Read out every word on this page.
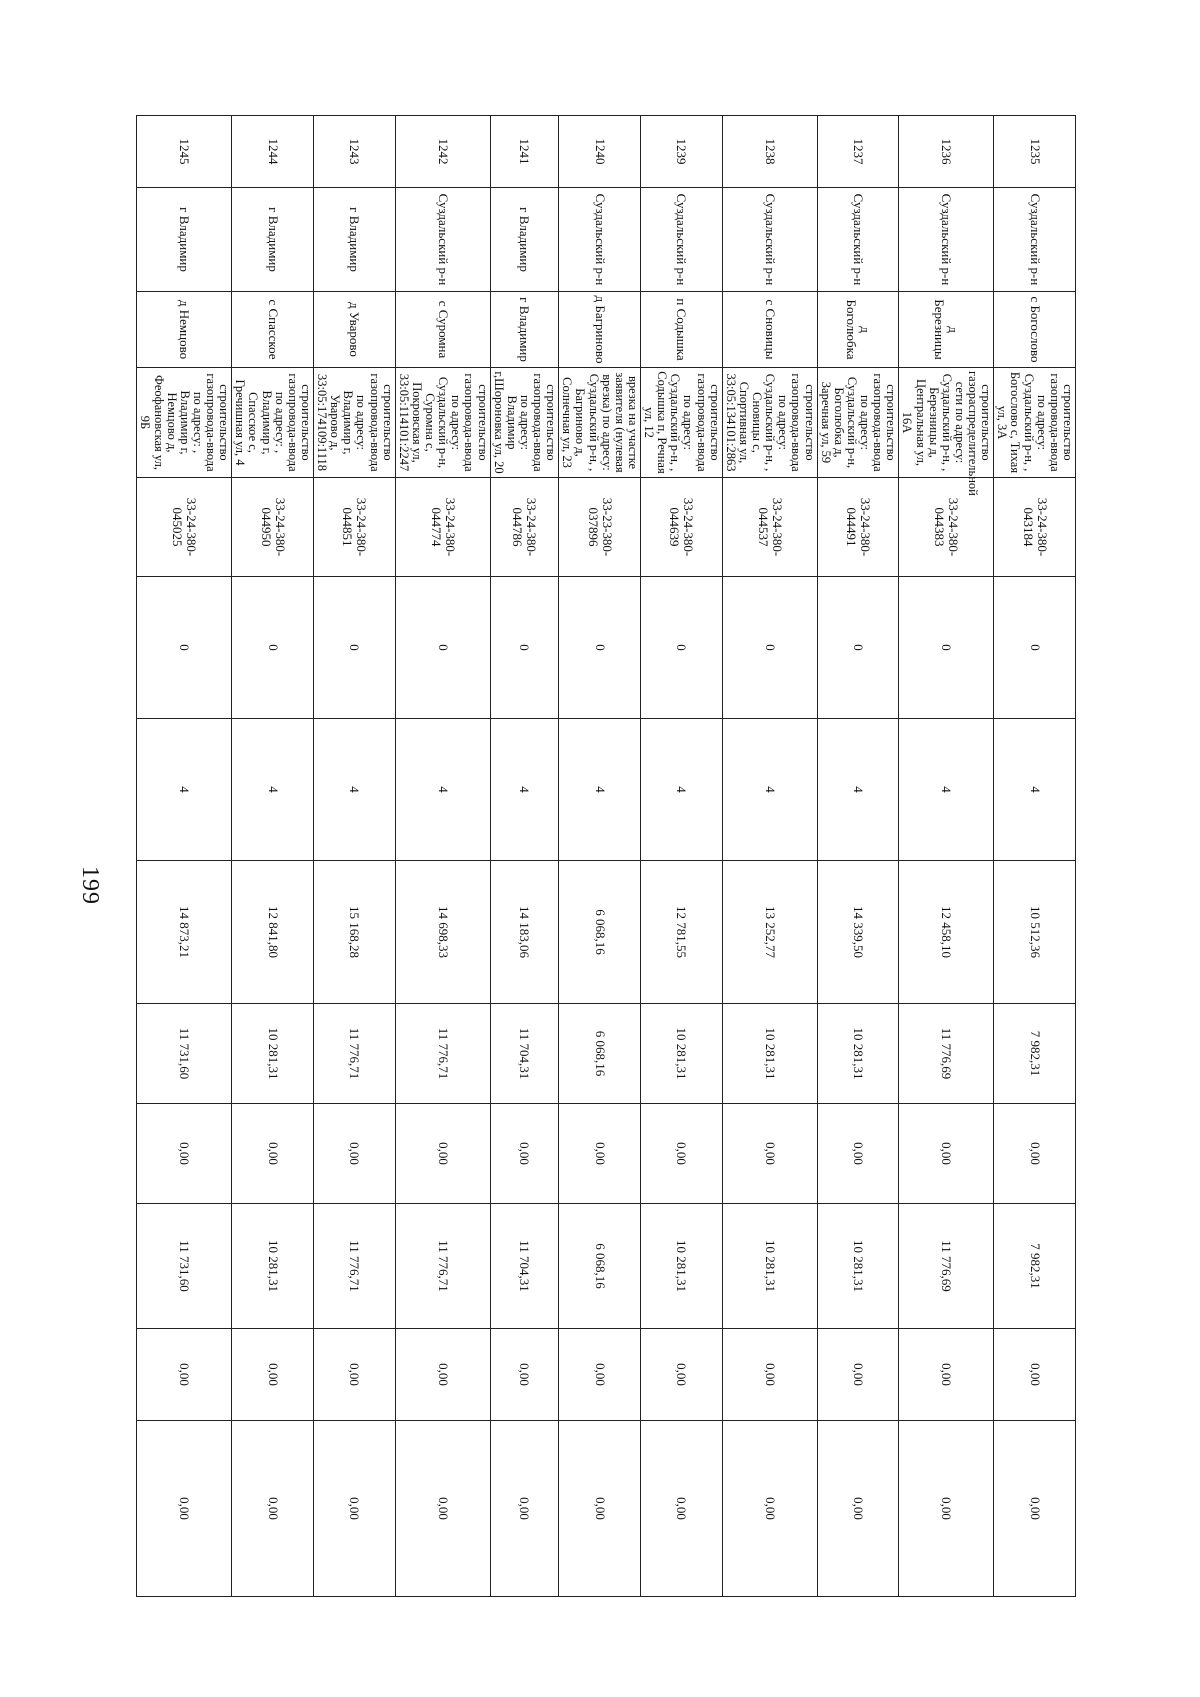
199
1235	Суздальский р-н	с Богослово	строительство газопровода-ввода по адресу: Суздальский р-н, , Богослово с, Тихая ул, 3А	33-24-380-043184	0	4	10 512,36	7 982,31	0,00	7 982,31	0,00	0,00
1236	Суздальский р-н	д Березницы	строительство газораспределительной сети по адресу: Суздальский р-н, , Березницы д, Центральная ул, 16А	33-24-380-044383	0	4	12 458,10	11 776,69	0,00	11 776,69	0,00	0,00
1237	Суздальский р-н	д Боголюбка	строительство газопровода-ввода по адресу: Суздальский р-н, Боголюбка д, Заречная ул, 59	33-24-380-044491	0	4	14 339,50	10 281,31	0,00	10 281,31	0,00	0,00
1238	Суздальский р-н	с Сновицы	строительство газопровода-ввода по адресу: Суздальский р-н, , Сновицы с, Спортивная ул, 33:05:134101:2863	33-24-380-044537	0	4	13 252,77	10 281,31	0,00	10 281,31	0,00	0,00
1239	Суздальский р-н	п Содышка	строительство газопровода-ввода по адресу: Суздальский р-н, , Содышка п, Речная ул, 12	33-24-380-044639	0	4	12 781,55	10 281,31	0,00	10 281,31	0,00	0,00
1240	Суздальский р-н	д Багриново	врезка на участке заявителя (нулевая врезка) по адресу: Суздальский р-н, , Багриново д, Солнечная ул, 23	33-23-380-037896	0	4	6 068,16	6 068,16	0,00	6 068,16	0,00	0,00
1241	г Владимир	г Владимир	строительство газопровода-ввода по адресу: Владимир г,Шороновка ул, 20	33-24-380-044786	0	4	14 183,06	11 704,31	0,00	11 704,31	0,00	0,00
1242	Суздальский р-н	с Суромна	строительство газопровода-ввода по адресу: Суздальский р-н, Суромна с, Покровская ул, 33:05:114101:2247	33-24-380-044774	0	4	14 698,33	11 776,71	0,00	11 776,71	0,00	0,00
1243	г Владимир	д Уварово	строительство газопровода-ввода по адресу: Владимир г, Уварово д, 33:05:174109:1118	33-24-380-044851	0	4	15 168,28	11 776,71	0,00	11 776,71	0,00	0,00
1244	г Владимир	с Спасское	строительство газопровода-ввода по адресу: , Владимир г, Спасское с, Гречишная ул, 4	33-24-380-044950	0	4	12 841,80	10 281,31	0,00	10 281,31	0,00	0,00
1245	г Владимир	д Немцово	строительство газопровода-ввода по адресу: , Владимир г, Немцово д, Феофановская ул, 9Б	33-24-380-045025	0	4	14 873,21	11 731,60	0,00	11 731,60	0,00	0,00
